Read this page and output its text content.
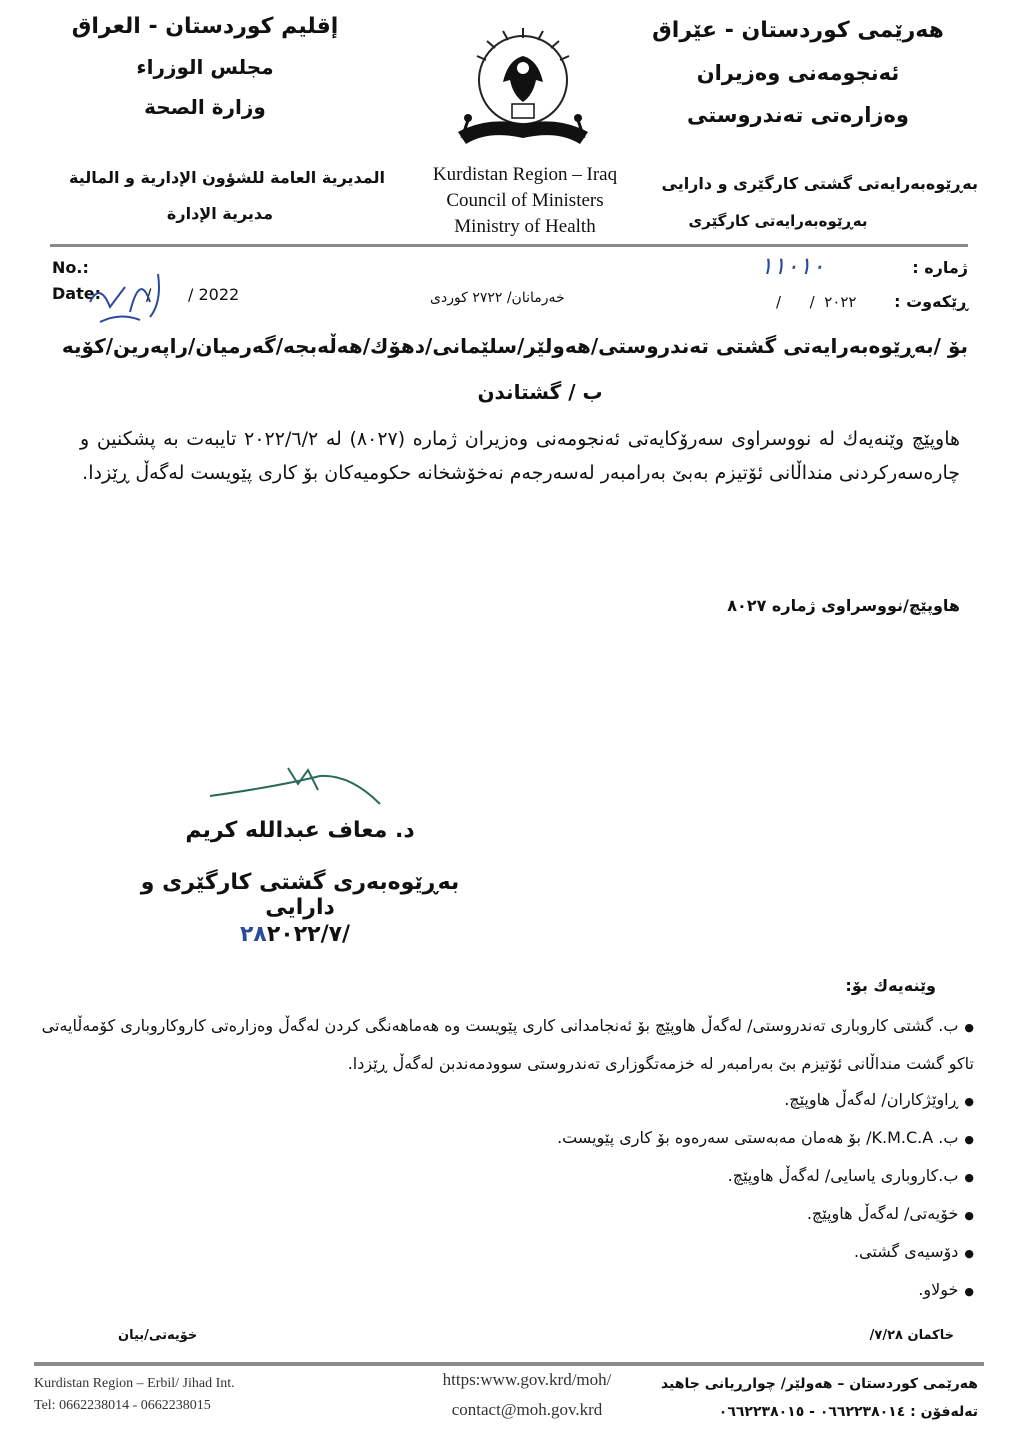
إقليم كوردستان - العراق
مجلس الوزراء
وزارة الصحة
المديرية العامة للشؤون الإدارية و المالية
مديرية الإدارة
Kurdistan Region – Iraq
Council of Ministers
Ministry of Health
هەرێمی كوردستان - عێراق
ئەنجومەنی وەزیران
وەزارەتی تەندروستی
بەڕێوەبەرایەتی گشتی كارگێری و دارایی
بەڕێوەبەرایەتی كارگێری
No.:
Date:	/ / 2022	خەرمانان/ ٢٧٢٢ كوردی
ژمارە :
١١٠١٠
ڕێكەوت :
/      /  ٢٠٢٢
بۆ /بەڕێوەبەرایەتی گشتی تەندروستی/هەولێر/سلێمانی/دهۆك/هەڵەبجە/گەرمیان/راپەرین/كۆیە
ب / گشتاندن
هاوپێچ وێنەیەك لە نووسراوی سەرۆكایەتی ئەنجومەنی وەزیران ژمارە (٨٠٢٧) لە ٢٠٢٢/٦/٢ تایبەت بە پشكنین و چارەسەركردنی منداڵانی ئۆتیزم بەبێ بەرامبەر لەسەرجەم نەخۆشخانە حكومیەكان بۆ كاری پێویست لەگەڵ ڕێزدا.
هاوپێچ/نووسراوی ژمارە ٨٠٢٧
د. معاف عبدالله كریم
بەڕێوەبەری گشتی كارگێری و دارایی
٢٨٢٠٢٢/٧/
وێنەیەك بۆ:
● ب. گشتی كاروباری تەندروستی/ لەگەڵ هاوپێچ بۆ ئەنجامدانی كاری پێویست وە هەماهەنگی كردن لەگەڵ وەزارەتی كاروكاروباری كۆمەڵایەتی تاكو گشت منداڵانی ئۆتیزم بێ بەرامبەر لە خزمەتگوزاری تەندروستی سوودمەندبن لەگەڵ ڕێزدا.
● ڕاوێژكاران/ لەگەڵ هاوپێچ.
● ب. K.M.C.A/ بۆ هەمان مەبەستی سەرەوە بۆ كاری پێویست.
● ب.كاروباری یاسایی/ لەگەڵ هاوپێچ.
● خۆیەتی/ لەگەڵ هاوپێچ.
● دۆسیەی گشتی.
● خولاو.
خاكمان ٧/٢٨/
خۆیەتی/بیان
Kurdistan Region – Erbil/ Jihad Int.
Tel: 0662238014 - 0662238015
https:www.gov.krd/moh/
contact@moh.gov.krd
هەرێمی كوردستان – هەولێر/ چوارڕیانی جاهید
تەلەفۆن : ٠٦٦٢٢٣٨٠١٤ - ٠٦٦٢٢٣٨٠١٥
